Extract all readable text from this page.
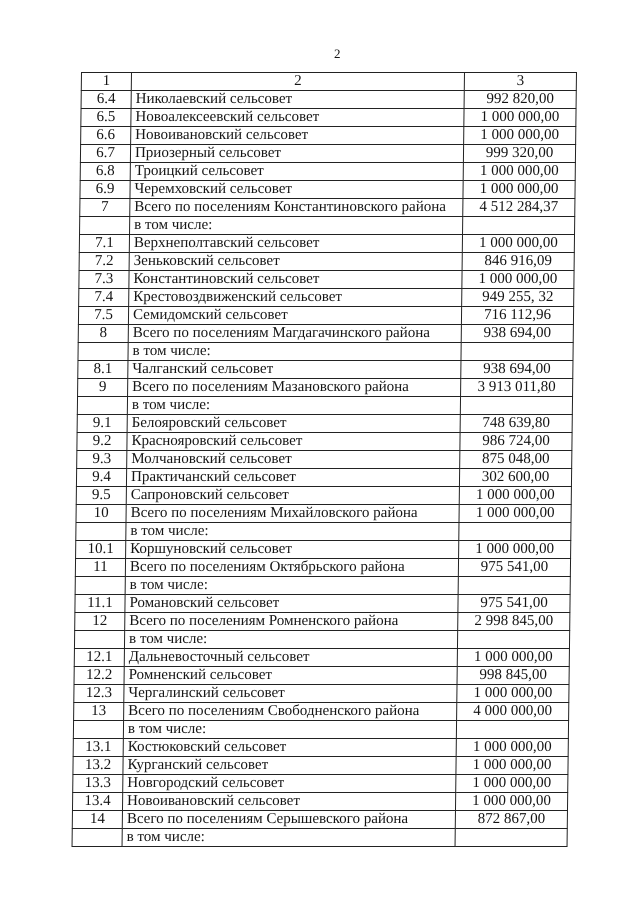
2
1	2	3
6.4	Николаевский сельсовет	992 820,00
6.5	Новоалексеевский сельсовет	1 000 000,00
6.6	Новоивановский сельсовет	1 000 000,00
6.7	Приозерный сельсовет	999 320,00
6.8	Троицкий сельсовет	1 000 000,00
6.9	Черемховский сельсовет	1 000 000,00
7	Всего по поселениям Константиновского района	4 512 284,37
	в том числе:	
7.1	Верхнеполтавский сельсовет	1 000 000,00
7.2	Зеньковский сельсовет	846 916,09
7.3	Константиновский сельсовет	1 000 000,00
7.4	Крестовоздвиженский сельсовет	949 255, 32
7.5	Семидомский сельсовет	716 112,96
8	Всего по поселениям Магдагачинского района	938 694,00
	в том числе:	
8.1	Чалганский сельсовет	938 694,00
9	Всего по поселениям Мазановского района	3 913 011,80
	в том числе:	
9.1	Белояровский сельсовет	748 639,80
9.2	Красноярoвский сельсовет	986 724,00
9.3	Молчановский сельсовет	875 048,00
9.4	Практичанский сельсовет	302 600,00
9.5	Сапроновский сельсовет	1 000 000,00
10	Всего по поселениям Михайловского района	1 000 000,00
	в том числе:	
10.1	Коршуновский сельсовет	1 000 000,00
11	Всего по поселениям Октябрьского района	975 541,00
	в том числе:	
11.1	Романовский сельсовет	975 541,00
12	Всего по поселениям Ромненского района	2 998 845,00
	в том числе:	
12.1	Дальневосточный сельсовет	1 000 000,00
12.2	Ромненский сельсовет	998 845,00
12.3	Чергалинский сельсовет	1 000 000,00
13	Всего по поселениям Свободненского района	4 000 000,00
	в том числе:	
13.1	Костюковский сельсовет	1 000 000,00
13.2	Курганский сельсовет	1 000 000,00
13.3	Новгородский сельсовет	1 000 000,00
13.4	Новоивановский сельсовет	1 000 000,00
14	Всего по поселениям Серышевского района	872 867,00
	в том числе:	
